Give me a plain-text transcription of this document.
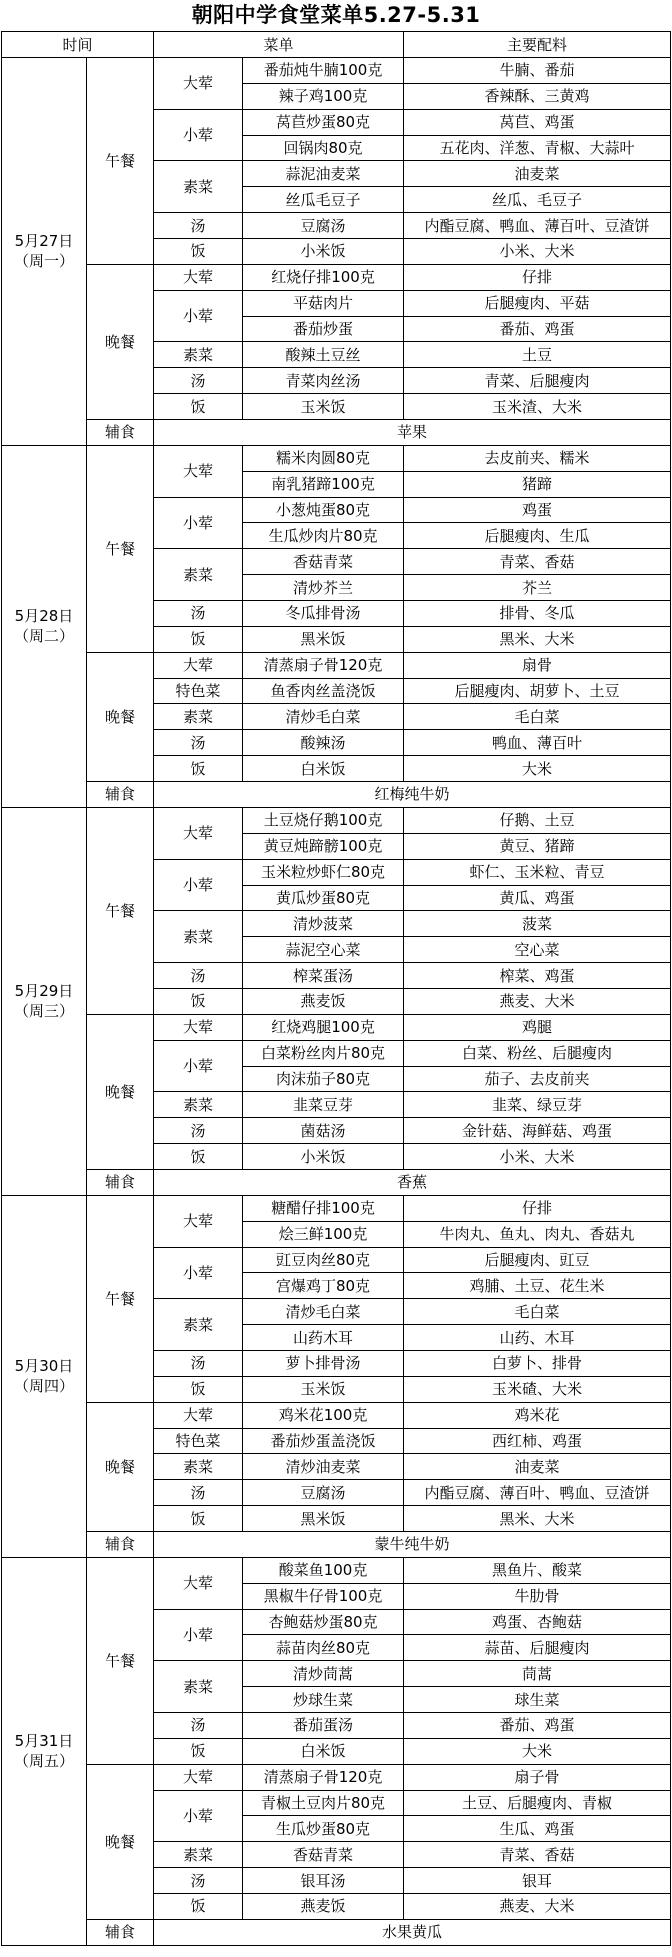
朝阳中学食堂菜单5.27-5.31
时间		菜单		主要配料

5月27日
（周一）	午餐	大荤	番茄炖牛腩100克	牛腩、番茄
			辣子鸡100克	香辣酥、三黄鸡
		小荤	莴苣炒蛋80克	莴苣、鸡蛋
			回锅肉80克	五花肉、洋葱、青椒、大蒜叶
		素菜	蒜泥油麦菜	油麦菜
			丝瓜毛豆子	丝瓜、毛豆子
		汤	豆腐汤	内酯豆腐、鸭血、薄百叶、豆渣饼
		饭	小米饭	小米、大米
	晚餐	大荤	红烧仔排100克	仔排
		小荤	平菇肉片	后腿瘦肉、平菇
			番茄炒蛋	番茄、鸡蛋
		素菜	酸辣土豆丝	土豆
		汤	青菜肉丝汤	青菜、后腿瘦肉
		饭	玉米饭	玉米渣、大米
	辅食	苹果		

5月28日
（周二）	午餐	大荤	糯米肉圆80克	去皮前夹、糯米
			南乳猪蹄100克	猪蹄
		小荤	小葱炖蛋80克	鸡蛋
			生瓜炒肉片80克	后腿瘦肉、生瓜
		素菜	香菇青菜	青菜、香菇
			清炒芥兰	芥兰
		汤	冬瓜排骨汤	排骨、冬瓜
		饭	黑米饭	黑米、大米
	晚餐	大荤	清蒸扇子骨120克	扇骨
		特色菜	鱼香肉丝盖浇饭	后腿瘦肉、胡萝卜、土豆
		素菜	清炒毛白菜	毛白菜
		汤	酸辣汤	鸭血、薄百叶
		饭	白米饭	大米
	辅食	红梅纯牛奶		

5月29日
（周三）	午餐	大荤	土豆烧仔鹅100克	仔鹅、土豆
			黄豆炖蹄髈100克	黄豆、猪蹄
		小荤	玉米粒炒虾仁80克	虾仁、玉米粒、青豆
			黄瓜炒蛋80克	黄瓜、鸡蛋
		素菜	清炒菠菜	菠菜
			蒜泥空心菜	空心菜
		汤	榨菜蛋汤	榨菜、鸡蛋
		饭	燕麦饭	燕麦、大米
	晚餐	大荤	红烧鸡腿100克	鸡腿
		小荤	白菜粉丝肉片80克	白菜、粉丝、后腿瘦肉
			肉沫茄子80克	茄子、去皮前夹
		素菜	韭菜豆芽	韭菜、绿豆芽
		汤	菌菇汤	金针菇、海鲜菇、鸡蛋
		饭	小米饭	小米、大米
	辅食	香蕉		

5月30日
（周四）	午餐	大荤	糖醋仔排100克	仔排
			烩三鲜100克	牛肉丸、鱼丸、肉丸、香菇丸
		小荤	豇豆肉丝80克	后腿瘦肉、豇豆
			宫爆鸡丁80克	鸡脯、土豆、花生米
		素菜	清炒毛白菜	毛白菜
			山药木耳	山药、木耳
		汤	萝卜排骨汤	白萝卜、排骨
		饭	玉米饭	玉米碴、大米
	晚餐	大荤	鸡米花100克	鸡米花
		特色菜	番茄炒蛋盖浇饭	西红柿、鸡蛋
		素菜	清炒油麦菜	油麦菜
		汤	豆腐汤	内酯豆腐、薄百叶、鸭血、豆渣饼
		饭	黑米饭	黑米、大米
	辅食	蒙牛纯牛奶		

5月31日
（周五）	午餐	大荤	酸菜鱼100克	黑鱼片、酸菜
			黑椒牛仔骨100克	牛肋骨
		小荤	杏鲍菇炒蛋80克	鸡蛋、杏鲍菇
			蒜苗肉丝80克	蒜苗、后腿瘦肉
		素菜	清炒茼蒿	茼蒿
			炒球生菜	球生菜
		汤	番茄蛋汤	番茄、鸡蛋
		饭	白米饭	大米
	晚餐	大荤	清蒸扇子骨120克	扇子骨
		小荤	青椒土豆肉片80克	土豆、后腿瘦肉、青椒
			生瓜炒蛋80克	生瓜、鸡蛋
		素菜	香菇青菜	青菜、香菇
		汤	银耳汤	银耳
		饭	燕麦饭	燕麦、大米
	辅食	水果黄瓜		
